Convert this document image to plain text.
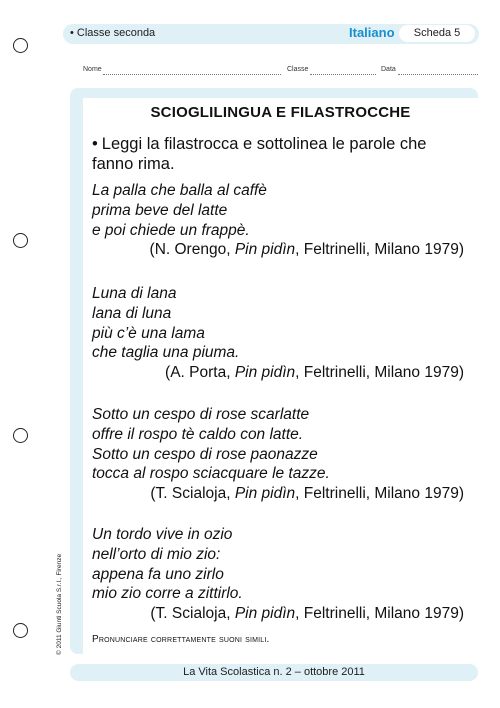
• Classe seconda	Italiano	Scheda 5
Nome	Classe	Data
SCIOGLILINGUA E FILASTROCCHE
• Leggi la filastrocca e sottolinea le parole che fanno rima.
La palla che balla al caffè
prima beve del latte
e poi chiede un frappè.
(N. Orengo, Pin pidìn, Feltrinelli, Milano 1979)
Luna di lana
lana di luna
più c’è una lama
che taglia una piuma.
(A. Porta, Pin pidìn, Feltrinelli, Milano 1979)
Sotto un cespo di rose scarlatte
offre il rospo tè caldo con latte.
Sotto un cespo di rose paonazze
tocca al rospo sciacquare le tazze.
(T. Scialoja, Pin pidìn, Feltrinelli, Milano 1979)
Un tordo vive in ozio
nell’orto di mio zio:
appena fa uno zirlo
mio zio corre a zittirlo.
(T. Scialoja, Pin pidìn, Feltrinelli, Milano 1979)
Pronunciare correttamente suoni simili.
© 2011 Giunti Scuola S.r.l., Firenze
La Vita Scolastica n. 2 – ottobre 2011
